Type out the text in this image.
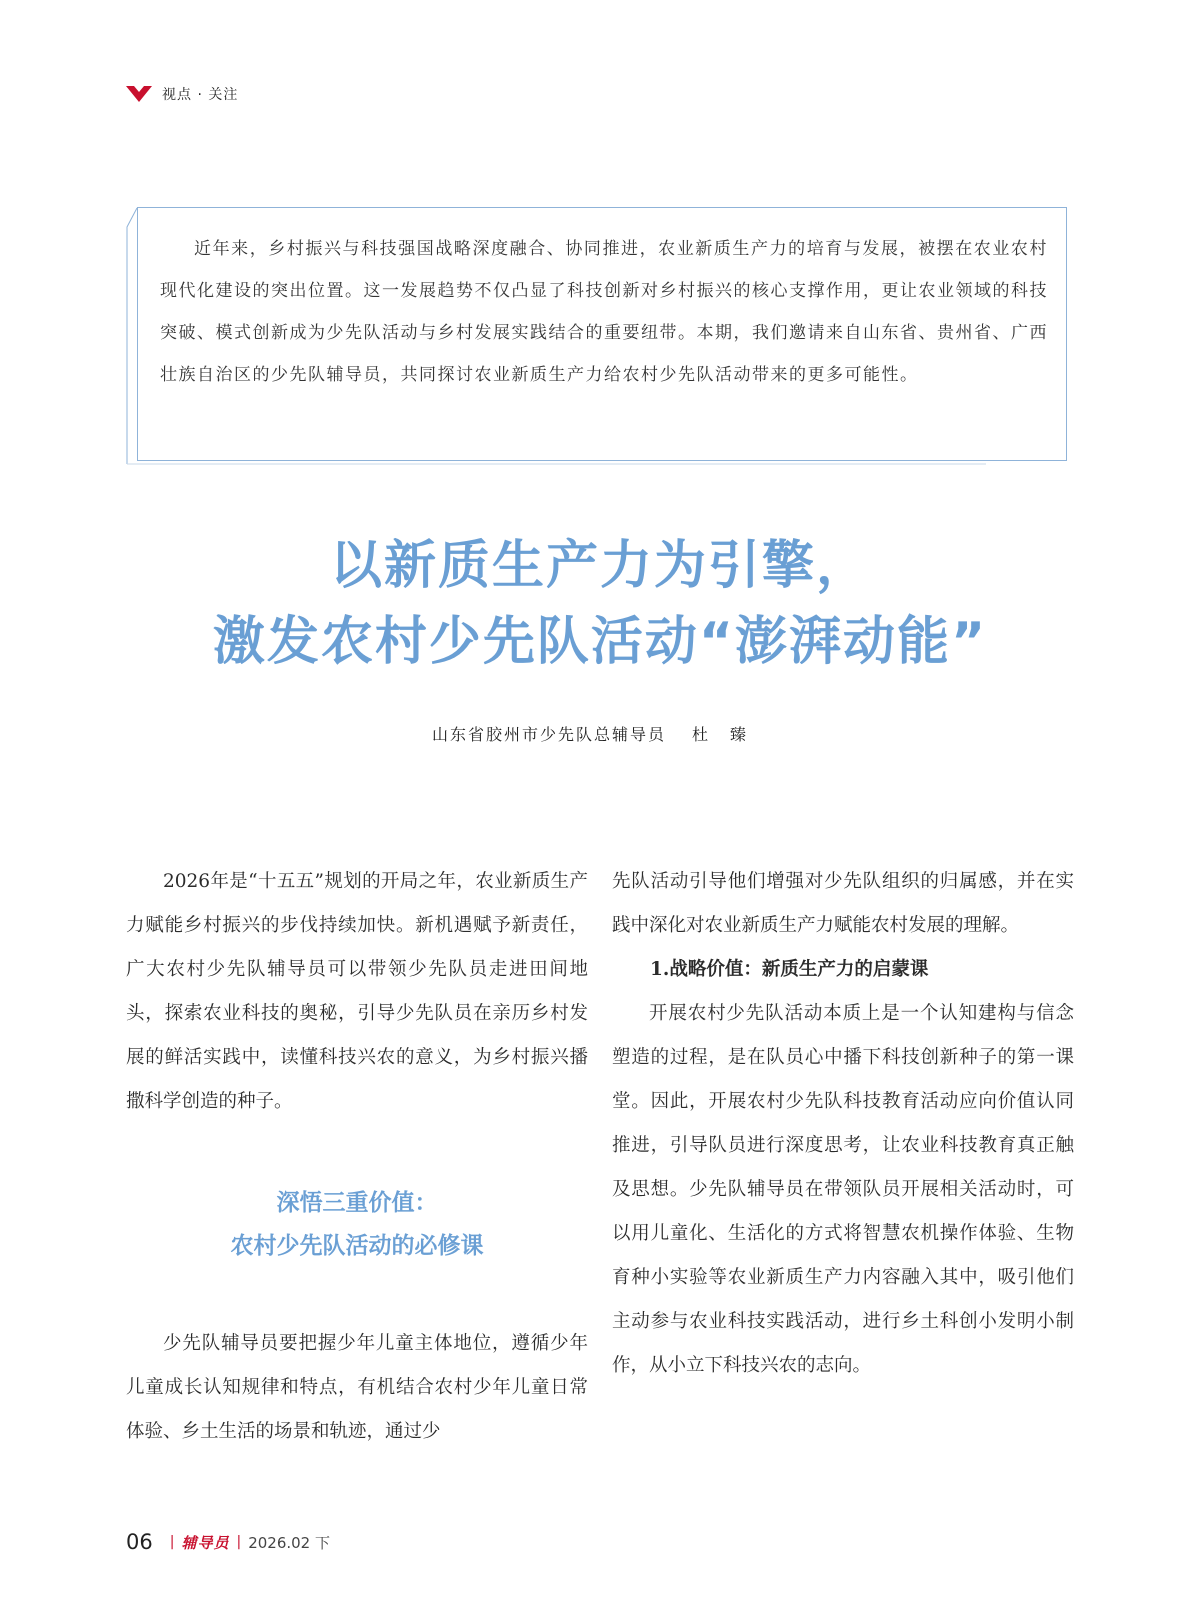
视点 · 关注

近年来，乡村振兴与科技强国战略深度融合、协同推进，农业新质生产力的培育与发展，被摆在农业农村现代化建设的突出位置。这一发展趋势不仅凸显了科技创新对乡村振兴的核心支撑作用，更让农业领域的科技突破、模式创新成为少先队活动与乡村发展实践结合的重要纽带。本期，我们邀请来自山东省、贵州省、广西壮族自治区的少先队辅导员，共同探讨农业新质生产力给农村少先队活动带来的更多可能性。

以新质生产力为引擎，
激发农村少先队活动“澎湃动能”
山东省胶州市少先队总辅导员 杜臻

2026年是“十五五”规划的开局之年，农业新质生产力赋能乡村振兴的步伐持续加快。新机遇赋予新责任，广大农村少先队辅导员可以带领少先队员走进田间地头，探索农业科技的奥秘，引导少先队员在亲历乡村发展的鲜活实践中，读懂科技兴农的意义，为乡村振兴播撒科学创造的种子。

深悟三重价值：
农村少先队活动的必修课

少先队辅导员要把握少年儿童主体地位，遵循少年儿童成长认知规律和特点，有机结合农村少年儿童日常体验、乡土生活的场景和轨迹，通过少

先队活动引导他们增强对少先队组织的归属感，并在实践中深化对农业新质生产力赋能农村发展的理解。

1.战略价值：新质生产力的启蒙课

开展农村少先队活动本质上是一个认知建构与信念塑造的过程，是在队员心中播下科技创新种子的第一课堂。因此，开展农村少先队科技教育活动应向价值认同推进，引导队员进行深度思考，让农业科技教育真正触及思想。少先队辅导员在带领队员开展相关活动时，可以用儿童化、生活化的方式将智慧农机操作体验、生物育种小实验等农业新质生产力内容融入其中，吸引他们主动参与农业科技实践活动，进行乡土科创小发明小制作，从小立下科技兴农的志向。

06 | 辅导员 | 2026.02 下
